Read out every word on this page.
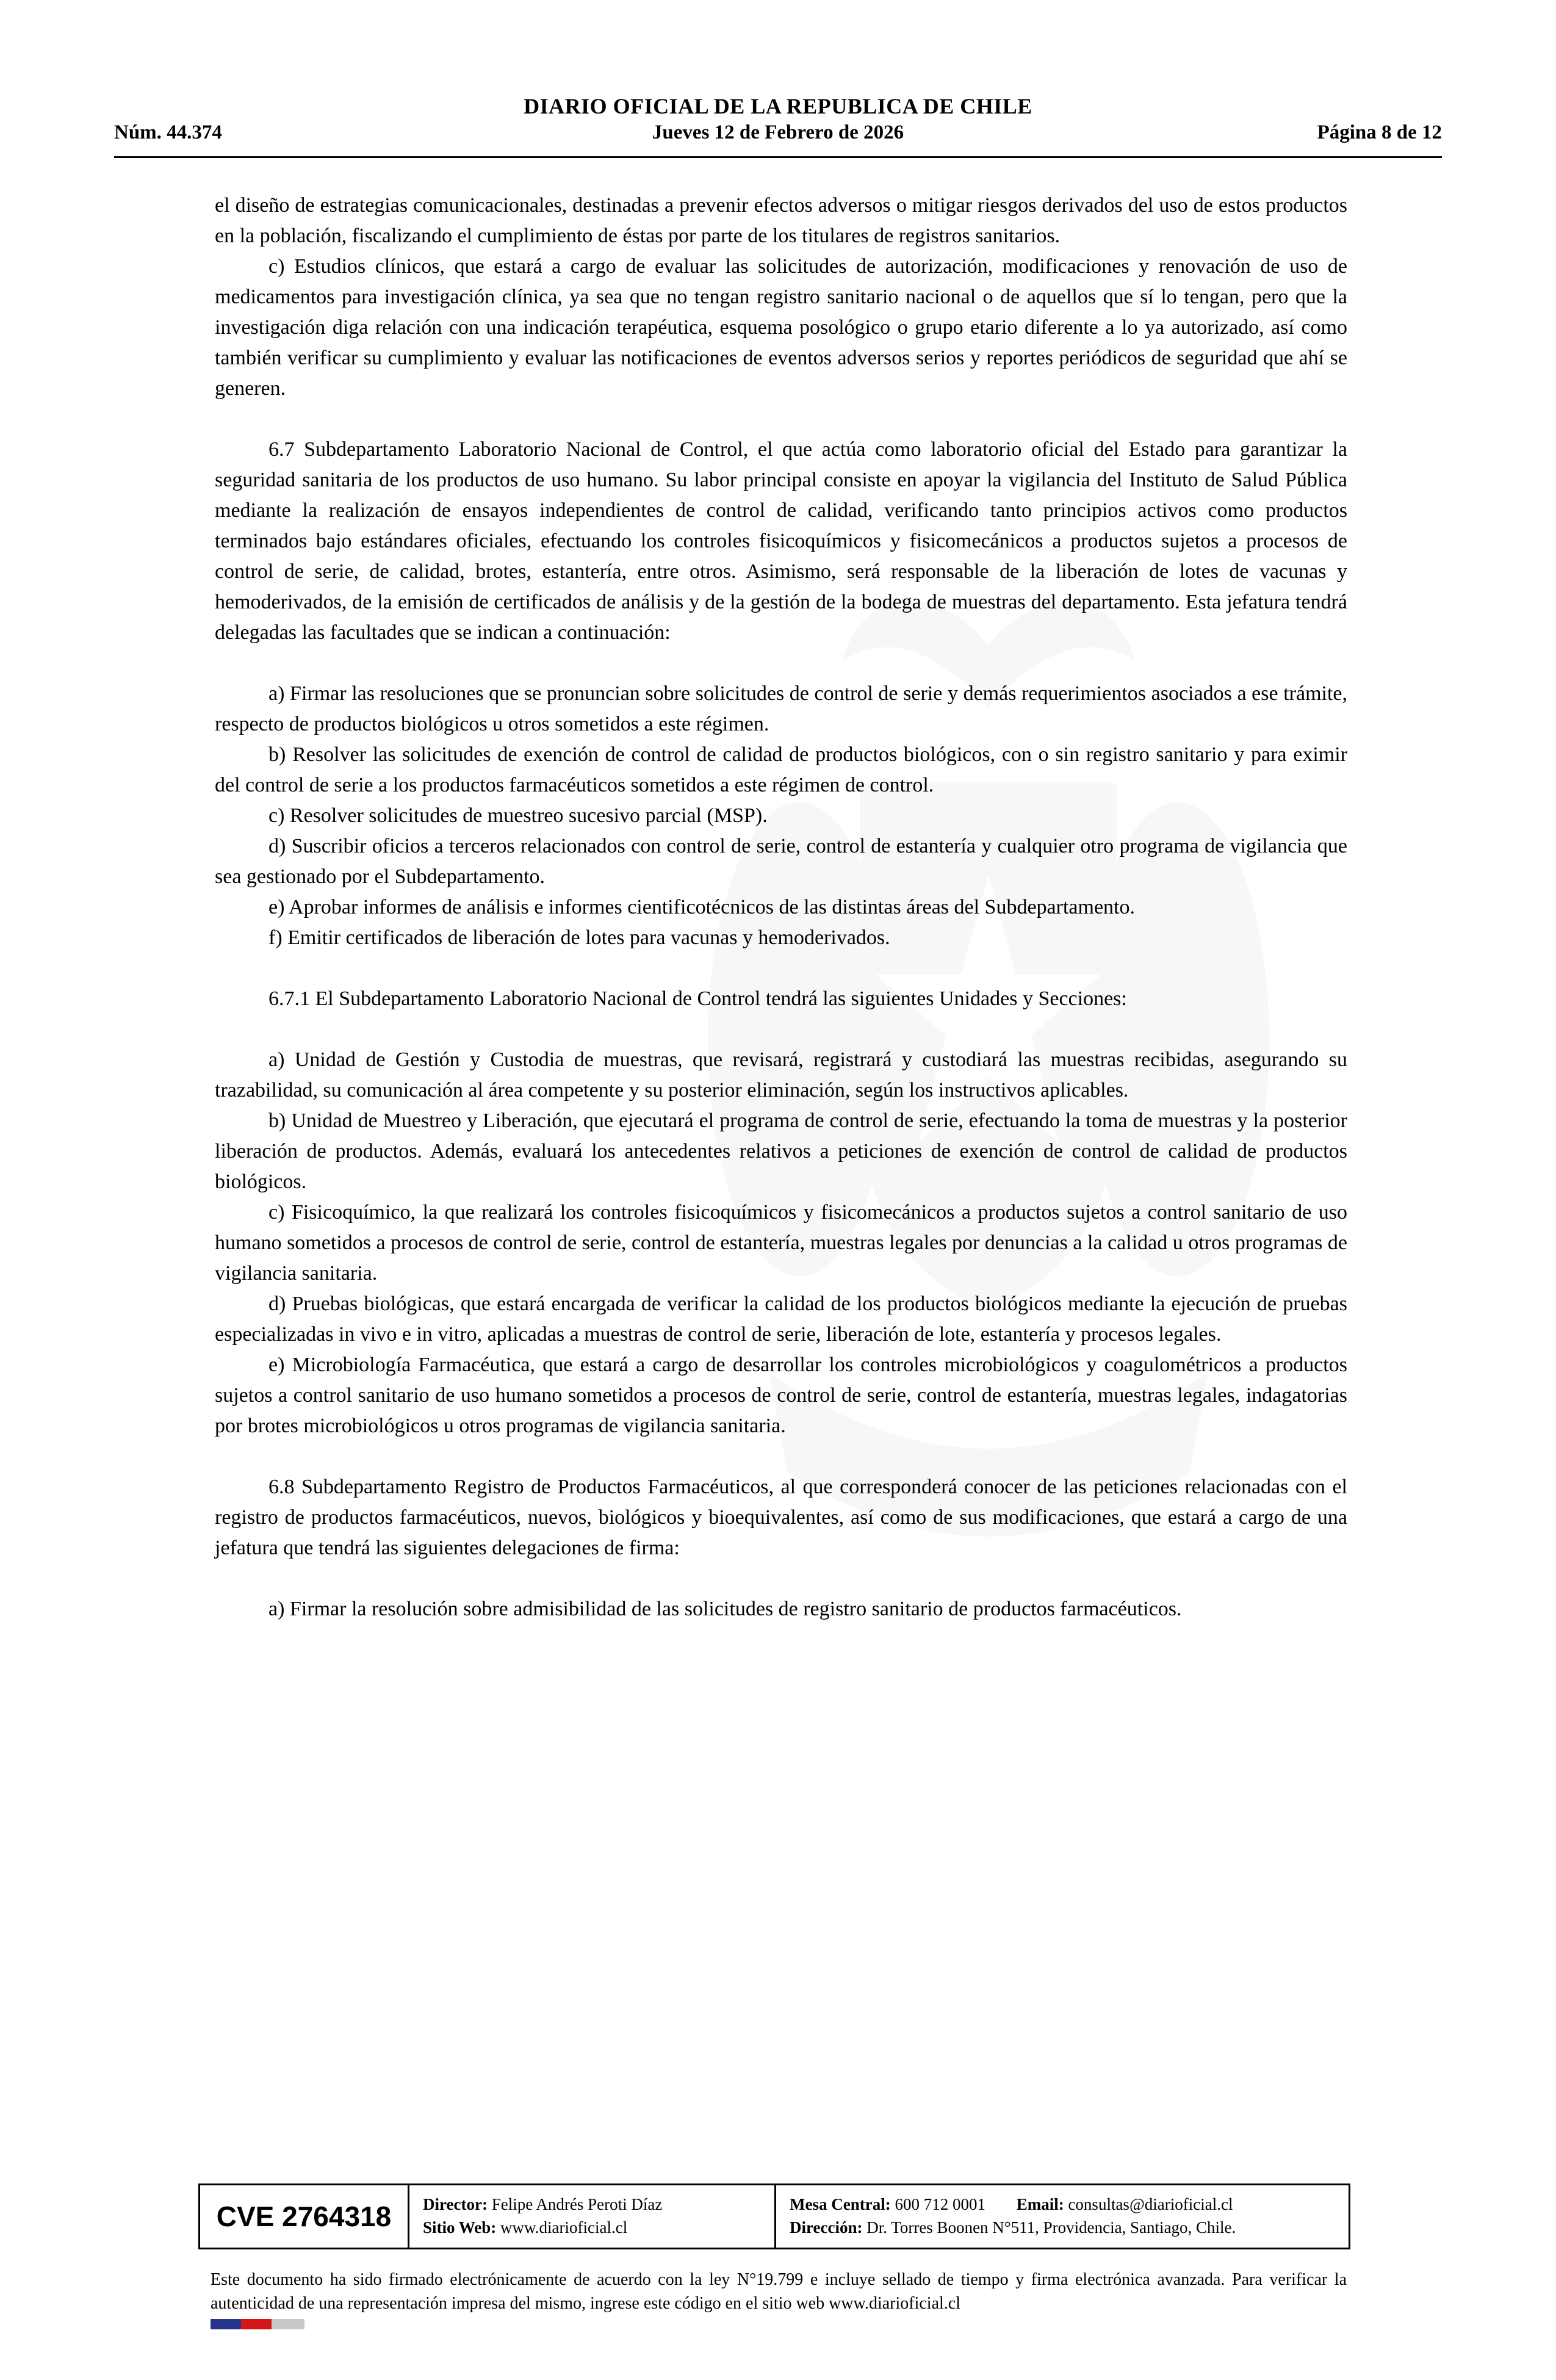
Núm. 44.374
DIARIO OFICIAL DE LA REPUBLICA DE CHILE
Jueves 12 de Febrero de 2026	Página 8 de 12

el diseño de estrategias comunicacionales, destinadas a prevenir efectos adversos o mitigar riesgos derivados del uso de estos productos en la población, fiscalizando el cumplimiento de éstas por parte de los titulares de registros sanitarios.

c) Estudios clínicos, que estará a cargo de evaluar las solicitudes de autorización, modificaciones y renovación de uso de medicamentos para investigación clínica, ya sea que no tengan registro sanitario nacional o de aquellos que sí lo tengan, pero que la investigación diga relación con una indicación terapéutica, esquema posológico o grupo etario diferente a lo ya autorizado, así como también verificar su cumplimiento y evaluar las notificaciones de eventos adversos serios y reportes periódicos de seguridad que ahí se generen.

6.7 Subdepartamento Laboratorio Nacional de Control, el que actúa como laboratorio oficial del Estado para garantizar la seguridad sanitaria de los productos de uso humano. Su labor principal consiste en apoyar la vigilancia del Instituto de Salud Pública mediante la realización de ensayos independientes de control de calidad, verificando tanto principios activos como productos terminados bajo estándares oficiales, efectuando los controles fisicoquímicos y fisicomecánicos a productos sujetos a procesos de control de serie, de calidad, brotes, estantería, entre otros. Asimismo, será responsable de la liberación de lotes de vacunas y hemoderivados, de la emisión de certificados de análisis y de la gestión de la bodega de muestras del departamento. Esta jefatura tendrá delegadas las facultades que se indican a continuación:

a) Firmar las resoluciones que se pronuncian sobre solicitudes de control de serie y demás requerimientos asociados a ese trámite, respecto de productos biológicos u otros sometidos a este régimen.

b) Resolver las solicitudes de exención de control de calidad de productos biológicos, con o sin registro sanitario y para eximir del control de serie a los productos farmacéuticos sometidos a este régimen de control.

c) Resolver solicitudes de muestreo sucesivo parcial (MSP).

d) Suscribir oficios a terceros relacionados con control de serie, control de estantería y cualquier otro programa de vigilancia que sea gestionado por el Subdepartamento.

e) Aprobar informes de análisis e informes cientificotécnicos de las distintas áreas del Subdepartamento.

f) Emitir certificados de liberación de lotes para vacunas y hemoderivados.

6.7.1 El Subdepartamento Laboratorio Nacional de Control tendrá las siguientes Unidades y Secciones:

a) Unidad de Gestión y Custodia de muestras, que revisará, registrará y custodiará las muestras recibidas, asegurando su trazabilidad, su comunicación al área competente y su posterior eliminación, según los instructivos aplicables.

b) Unidad de Muestreo y Liberación, que ejecutará el programa de control de serie, efectuando la toma de muestras y la posterior liberación de productos. Además, evaluará los antecedentes relativos a peticiones de exención de control de calidad de productos biológicos.

c) Fisicoquímico, la que realizará los controles fisicoquímicos y fisicomecánicos a productos sujetos a control sanitario de uso humano sometidos a procesos de control de serie, control de estantería, muestras legales por denuncias a la calidad u otros programas de vigilancia sanitaria.

d) Pruebas biológicas, que estará encargada de verificar la calidad de los productos biológicos mediante la ejecución de pruebas especializadas in vivo e in vitro, aplicadas a muestras de control de serie, liberación de lote, estantería y procesos legales.

e) Microbiología Farmacéutica, que estará a cargo de desarrollar los controles microbiológicos y coagulométricos a productos sujetos a control sanitario de uso humano sometidos a procesos de control de serie, control de estantería, muestras legales, indagatorias por brotes microbiológicos u otros programas de vigilancia sanitaria.

6.8 Subdepartamento Registro de Productos Farmacéuticos, al que corresponderá conocer de las peticiones relacionadas con el registro de productos farmacéuticos, nuevos, biológicos y bioequivalentes, así como de sus modificaciones, que estará a cargo de una jefatura que tendrá las siguientes delegaciones de firma:

a) Firmar la resolución sobre admisibilidad de las solicitudes de registro sanitario de productos farmacéuticos.

CVE 2764318	Director: Felipe Andrés Peroti Díaz
Sitio Web: www.diarioficial.cl
Mesa Central: 600 712 0001 Email: consultas@diarioficial.cl
Dirección: Dr. Torres Boonen N°511, Providencia, Santiago, Chile.
Este documento ha sido firmado electrónicamente de acuerdo con la ley N°19.799 e incluye sellado de tiempo y firma electrónica avanzada. Para verificar la autenticidad de una representación impresa del mismo, ingrese este código en el sitio web www.diarioficial.cl
